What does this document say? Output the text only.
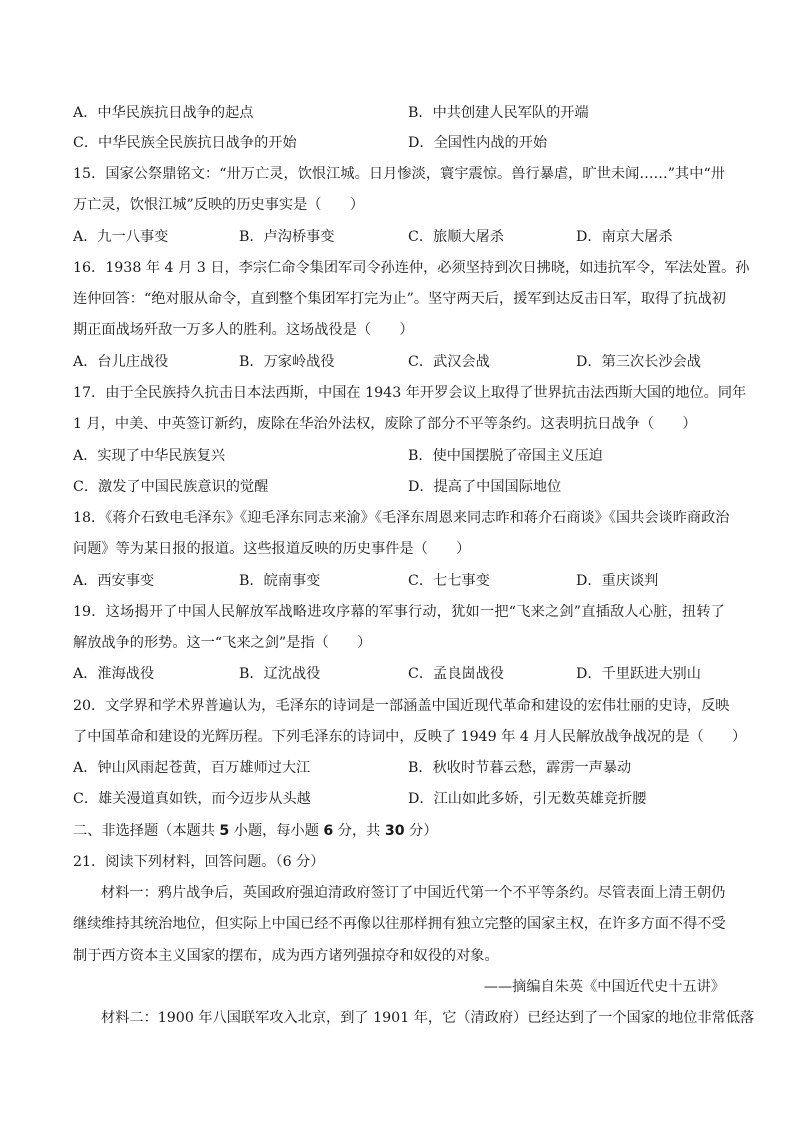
A．中华民族抗日战争的起点	B．中共创建人民军队的开端
C．中华民族全民族抗日战争的开始	D．全国性内战的开始
15．国家公祭鼎铭文：“卅万亡灵，饮恨江城。日月惨淡，寰宇震惊。兽行暴虐，旷世未闻……”其中“卅
万亡灵，饮恨江城”反映的历史事实是（　　）
A．九一八事变	B．卢沟桥事变	C．旅顺大屠杀	D．南京大屠杀
16．1938 年 4 月 3 日，李宗仁命令集团军司令孙连仲，必须坚持到次日拂晓，如违抗军令，军法处置。孙
连仲回答：“绝对服从命令，直到整个集团军打完为止”。坚守两天后，援军到达反击日军，取得了抗战初
期正面战场歼敌一万多人的胜利。这场战役是（　　）
A．台儿庄战役	B．万家岭战役	C．武汉会战	D．第三次长沙会战
17．由于全民族持久抗击日本法西斯，中国在 1943 年开罗会议上取得了世界抗击法西斯大国的地位。同年
1 月，中美、中英签订新约，废除在华治外法权，废除了部分不平等条约。这表明抗日战争（　　）
A．实现了中华民族复兴	B．使中国摆脱了帝国主义压迫
C．激发了中国民族意识的觉醒	D．提高了中国国际地位
18．《蒋介石致电毛泽东》《迎毛泽东同志来渝》《毛泽东周恩来同志昨和蒋介石商谈》《国共会谈昨商政治
问题》等为某日报的报道。这些报道反映的历史事件是（　　）
A．西安事变	B．皖南事变	C．七七事变	D．重庆谈判
19．这场揭开了中国人民解放军战略进攻序幕的军事行动，犹如一把“飞来之剑”直插敌人心脏，扭转了
解放战争的形势。这一“飞来之剑”是指（　　）
A．淮海战役	B．辽沈战役	C．孟良崮战役	D．千里跃进大别山
20．文学界和学术界普遍认为，毛泽东的诗词是一部涵盖中国近现代革命和建设的宏伟壮丽的史诗，反映
了中国革命和建设的光辉历程。下列毛泽东的诗词中，反映了 1949 年 4 月人民解放战争战况的是（　　）
A．钟山风雨起苍黄，百万雄师过大江	B．秋收时节暮云愁，霹雳一声暴动
C．雄关漫道真如铁，而今迈步从头越	D．江山如此多娇，引无数英雄竞折腰
二、非选择题（本题共 5 小题，每小题 6 分，共 30 分）
21．阅读下列材料，回答问题。（6 分）
材料一：鸦片战争后，英国政府强迫清政府签订了中国近代第一个不平等条约。尽管表面上清王朝仍
继续维持其统治地位，但实际上中国已经不再像以往那样拥有独立完整的国家主权，在许多方面不得不受
制于西方资本主义国家的摆布，成为西方诸列强掠夺和奴役的对象。
——摘编自朱英《中国近代史十五讲》
材料二：1900 年八国联军攻入北京，到了 1901 年，它（清政府）已经达到了一个国家的地位非常低落
